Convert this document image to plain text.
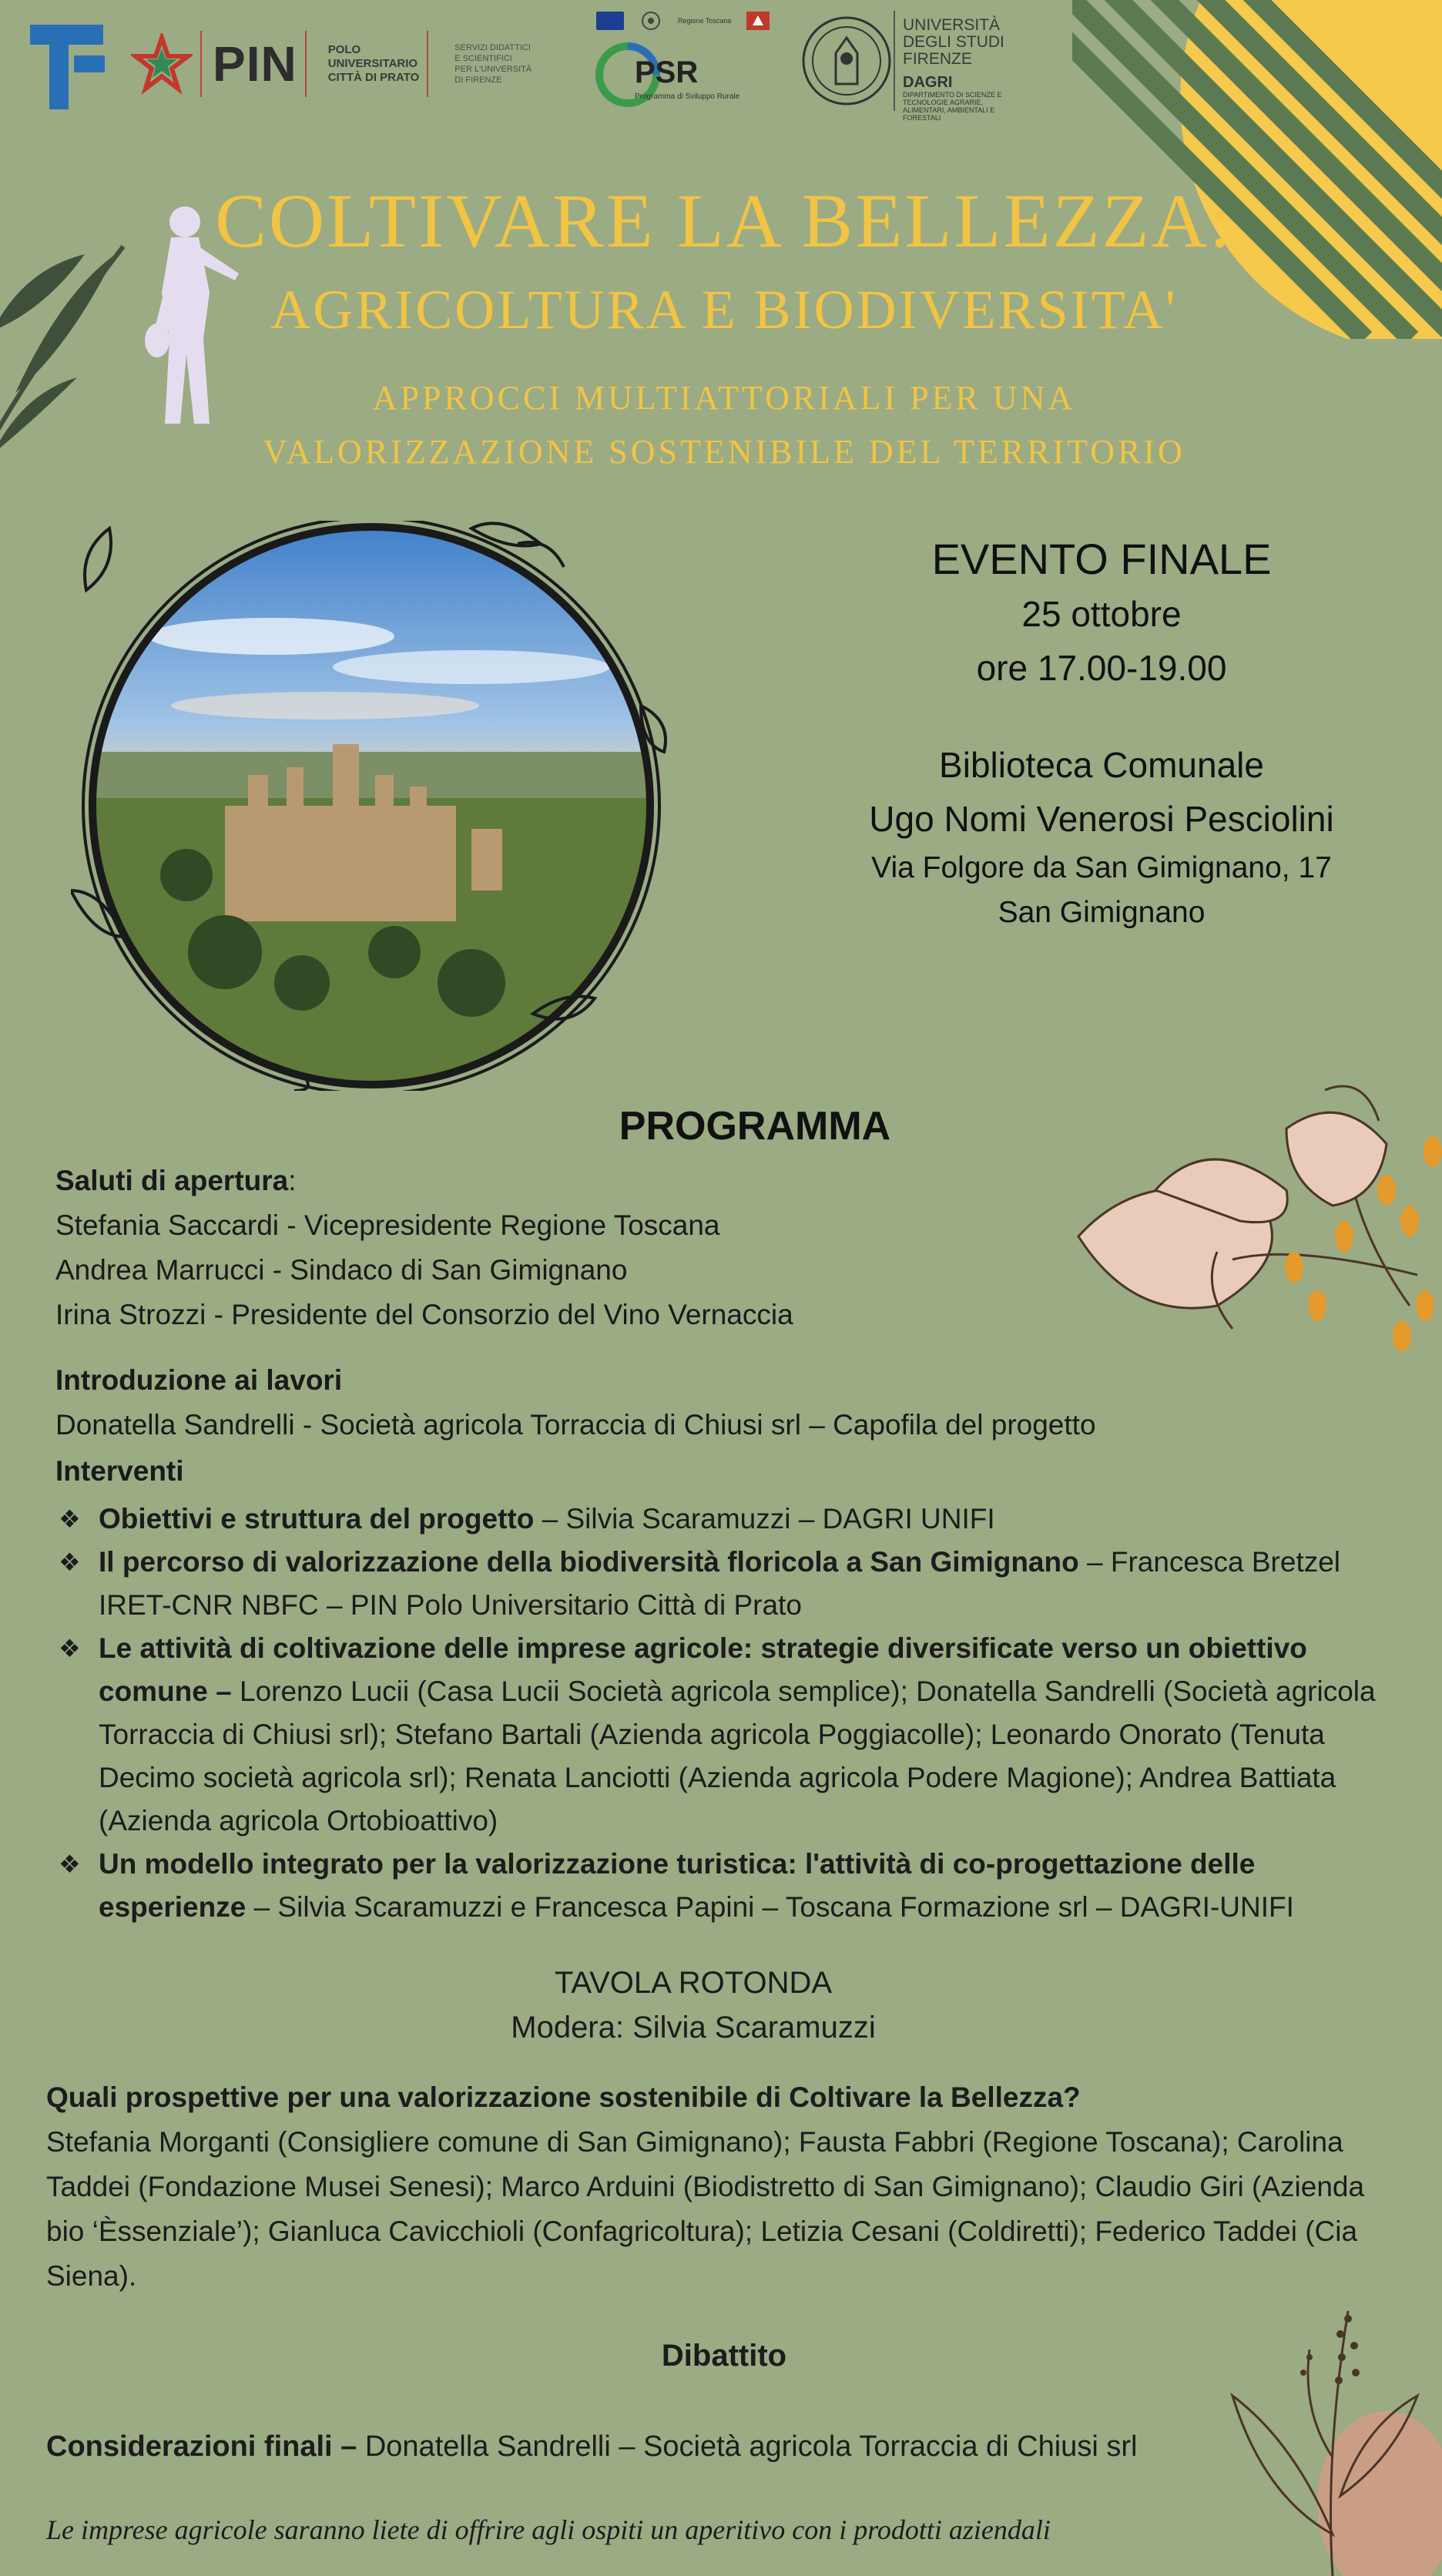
PIN	POLO
UNIVERSITARIO
CITTÀ DI PRATO
SERVIZI DIDATTICI
E SCIENTIFICI
PER L'UNIVERSITÀ
DI FIRENZE
Regione Toscana
PSR
Programma di Sviluppo Rurale
UNIVERSITÀ
DEGLI STUDI
FIRENZE
DAGRI
DIPARTIMENTO DI SCIENZE E TECNOLOGIE AGRARIE, ALIMENTARI, AMBIENTALI E FORESTALI
COLTIVARE LA BELLEZZA:
AGRICOLTURA E BIODIVERSITA'
APPROCCI MULTIATTORIALI PER UNA
VALORIZZAZIONE SOSTENIBILE DEL TERRITORIO
EVENTO FINALE
25 ottobre
ore 17.00-19.00
Biblioteca Comunale
Ugo Nomi Venerosi Pesciolini
Via Folgore da San Gimignano, 17
San Gimignano
PROGRAMMA
Saluti di apertura:
Stefania Saccardi - Vicepresidente Regione Toscana
Andrea Marrucci - Sindaco di San Gimignano
Irina Strozzi - Presidente del Consorzio del Vino Vernaccia
Introduzione ai lavori
Donatella Sandrelli - Società agricola Torraccia di Chiusi srl – Capofila del progetto
Interventi

❖ Obiettivi e struttura del progetto – Silvia Scaramuzzi – DAGRI UNIFI

❖ Il percorso di valorizzazione della biodiversità floricola a San Gimignano – Francesca Bretzel IRET-CNR NBFC – PIN Polo Universitario Città di Prato

❖ Le attività di coltivazione delle imprese agricole: strategie diversificate verso un obiettivo comune – Lorenzo Lucii (Casa Lucii Società agricola semplice); Donatella Sandrelli (Società agricola Torraccia di Chiusi srl); Stefano Bartali (Azienda agricola Poggiacolle); Leonardo Onorato (Tenuta Decimo società agricola srl); Renata Lanciotti (Azienda agricola Podere Magione); Andrea Battiata (Azienda agricola Ortobioattivo)

❖ Un modello integrato per la valorizzazione turistica: l'attività di co-progettazione delle esperienze – Silvia Scaramuzzi e Francesca Papini – Toscana Formazione srl – DAGRI-UNIFI

TAVOLA ROTONDA
Modera: Silvia Scaramuzzi
Quali prospettive per una valorizzazione sostenibile di Coltivare la Bellezza?
Stefania Morganti (Consigliere comune di San Gimignano); Fausta Fabbri (Regione Toscana); Carolina Taddei (Fondazione Musei Senesi); Marco Arduini (Biodistretto di San Gimignano); Claudio Giri (Azienda bio ‘Èssenziale’); Gianluca Cavicchioli (Confagricoltura); Letizia Cesani (Coldiretti); Federico Taddei (Cia Siena).
Dibattito
Considerazioni finali – Donatella Sandrelli – Società agricola Torraccia di Chiusi srl
Le imprese agricole saranno liete di offrire agli ospiti un aperitivo con i prodotti aziendali
